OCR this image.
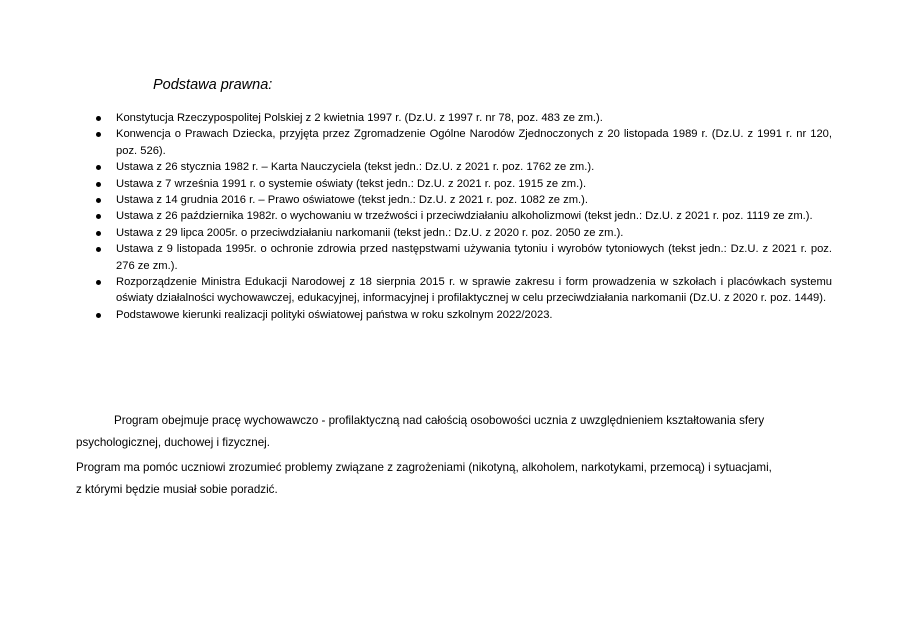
Podstawa prawna:
Konstytucja Rzeczypospolitej Polskiej z 2 kwietnia 1997 r. (Dz.U. z 1997 r. nr 78, poz. 483 ze zm.).
Konwencja o Prawach Dziecka, przyjęta przez Zgromadzenie Ogólne Narodów Zjednoczonych z 20 listopada 1989 r. (Dz.U. z 1991 r. nr 120, poz. 526).
Ustawa z 26 stycznia 1982 r. – Karta Nauczyciela (tekst jedn.: Dz.U. z 2021 r. poz. 1762 ze zm.).
Ustawa z 7 września 1991 r. o systemie oświaty (tekst jedn.: Dz.U. z 2021 r. poz. 1915 ze zm.).
Ustawa z 14 grudnia 2016 r. – Prawo oświatowe (tekst jedn.: Dz.U. z 2021 r. poz. 1082 ze zm.).
Ustawa z 26 października 1982r. o wychowaniu w trzeźwości i przeciwdziałaniu alkoholizmowi (tekst jedn.: Dz.U. z 2021 r. poz. 1119 ze zm.).
Ustawa z 29 lipca 2005r. o przeciwdziałaniu narkomanii (tekst jedn.: Dz.U. z 2020 r. poz. 2050 ze zm.).
Ustawa z 9 listopada 1995r. o ochronie zdrowia przed następstwami używania tytoniu i wyrobów tytoniowych (tekst jedn.: Dz.U. z 2021 r. poz. 276 ze zm.).
Rozporządzenie Ministra Edukacji Narodowej z 18 sierpnia 2015 r. w sprawie zakresu i form prowadzenia w szkołach i placówkach systemu oświaty działalności wychowawczej, edukacyjnej, informacyjnej i profilaktycznej w celu przeciwdziałania narkomanii (Dz.U. z 2020 r. poz. 1449).
Podstawowe kierunki realizacji polityki oświatowej państwa w roku szkolnym 2022/2023.

Program obejmuje pracę wychowawczo - profilaktyczną nad całością osobowości ucznia z uwzględnieniem kształtowania sfery
psychologicznej, duchowej i fizycznej.

Program ma pomóc uczniowi zrozumieć problemy związane z zagrożeniami (nikotyną, alkoholem, narkotykami, przemocą) i sytuacjami,
z którymi będzie musiał sobie poradzić.
